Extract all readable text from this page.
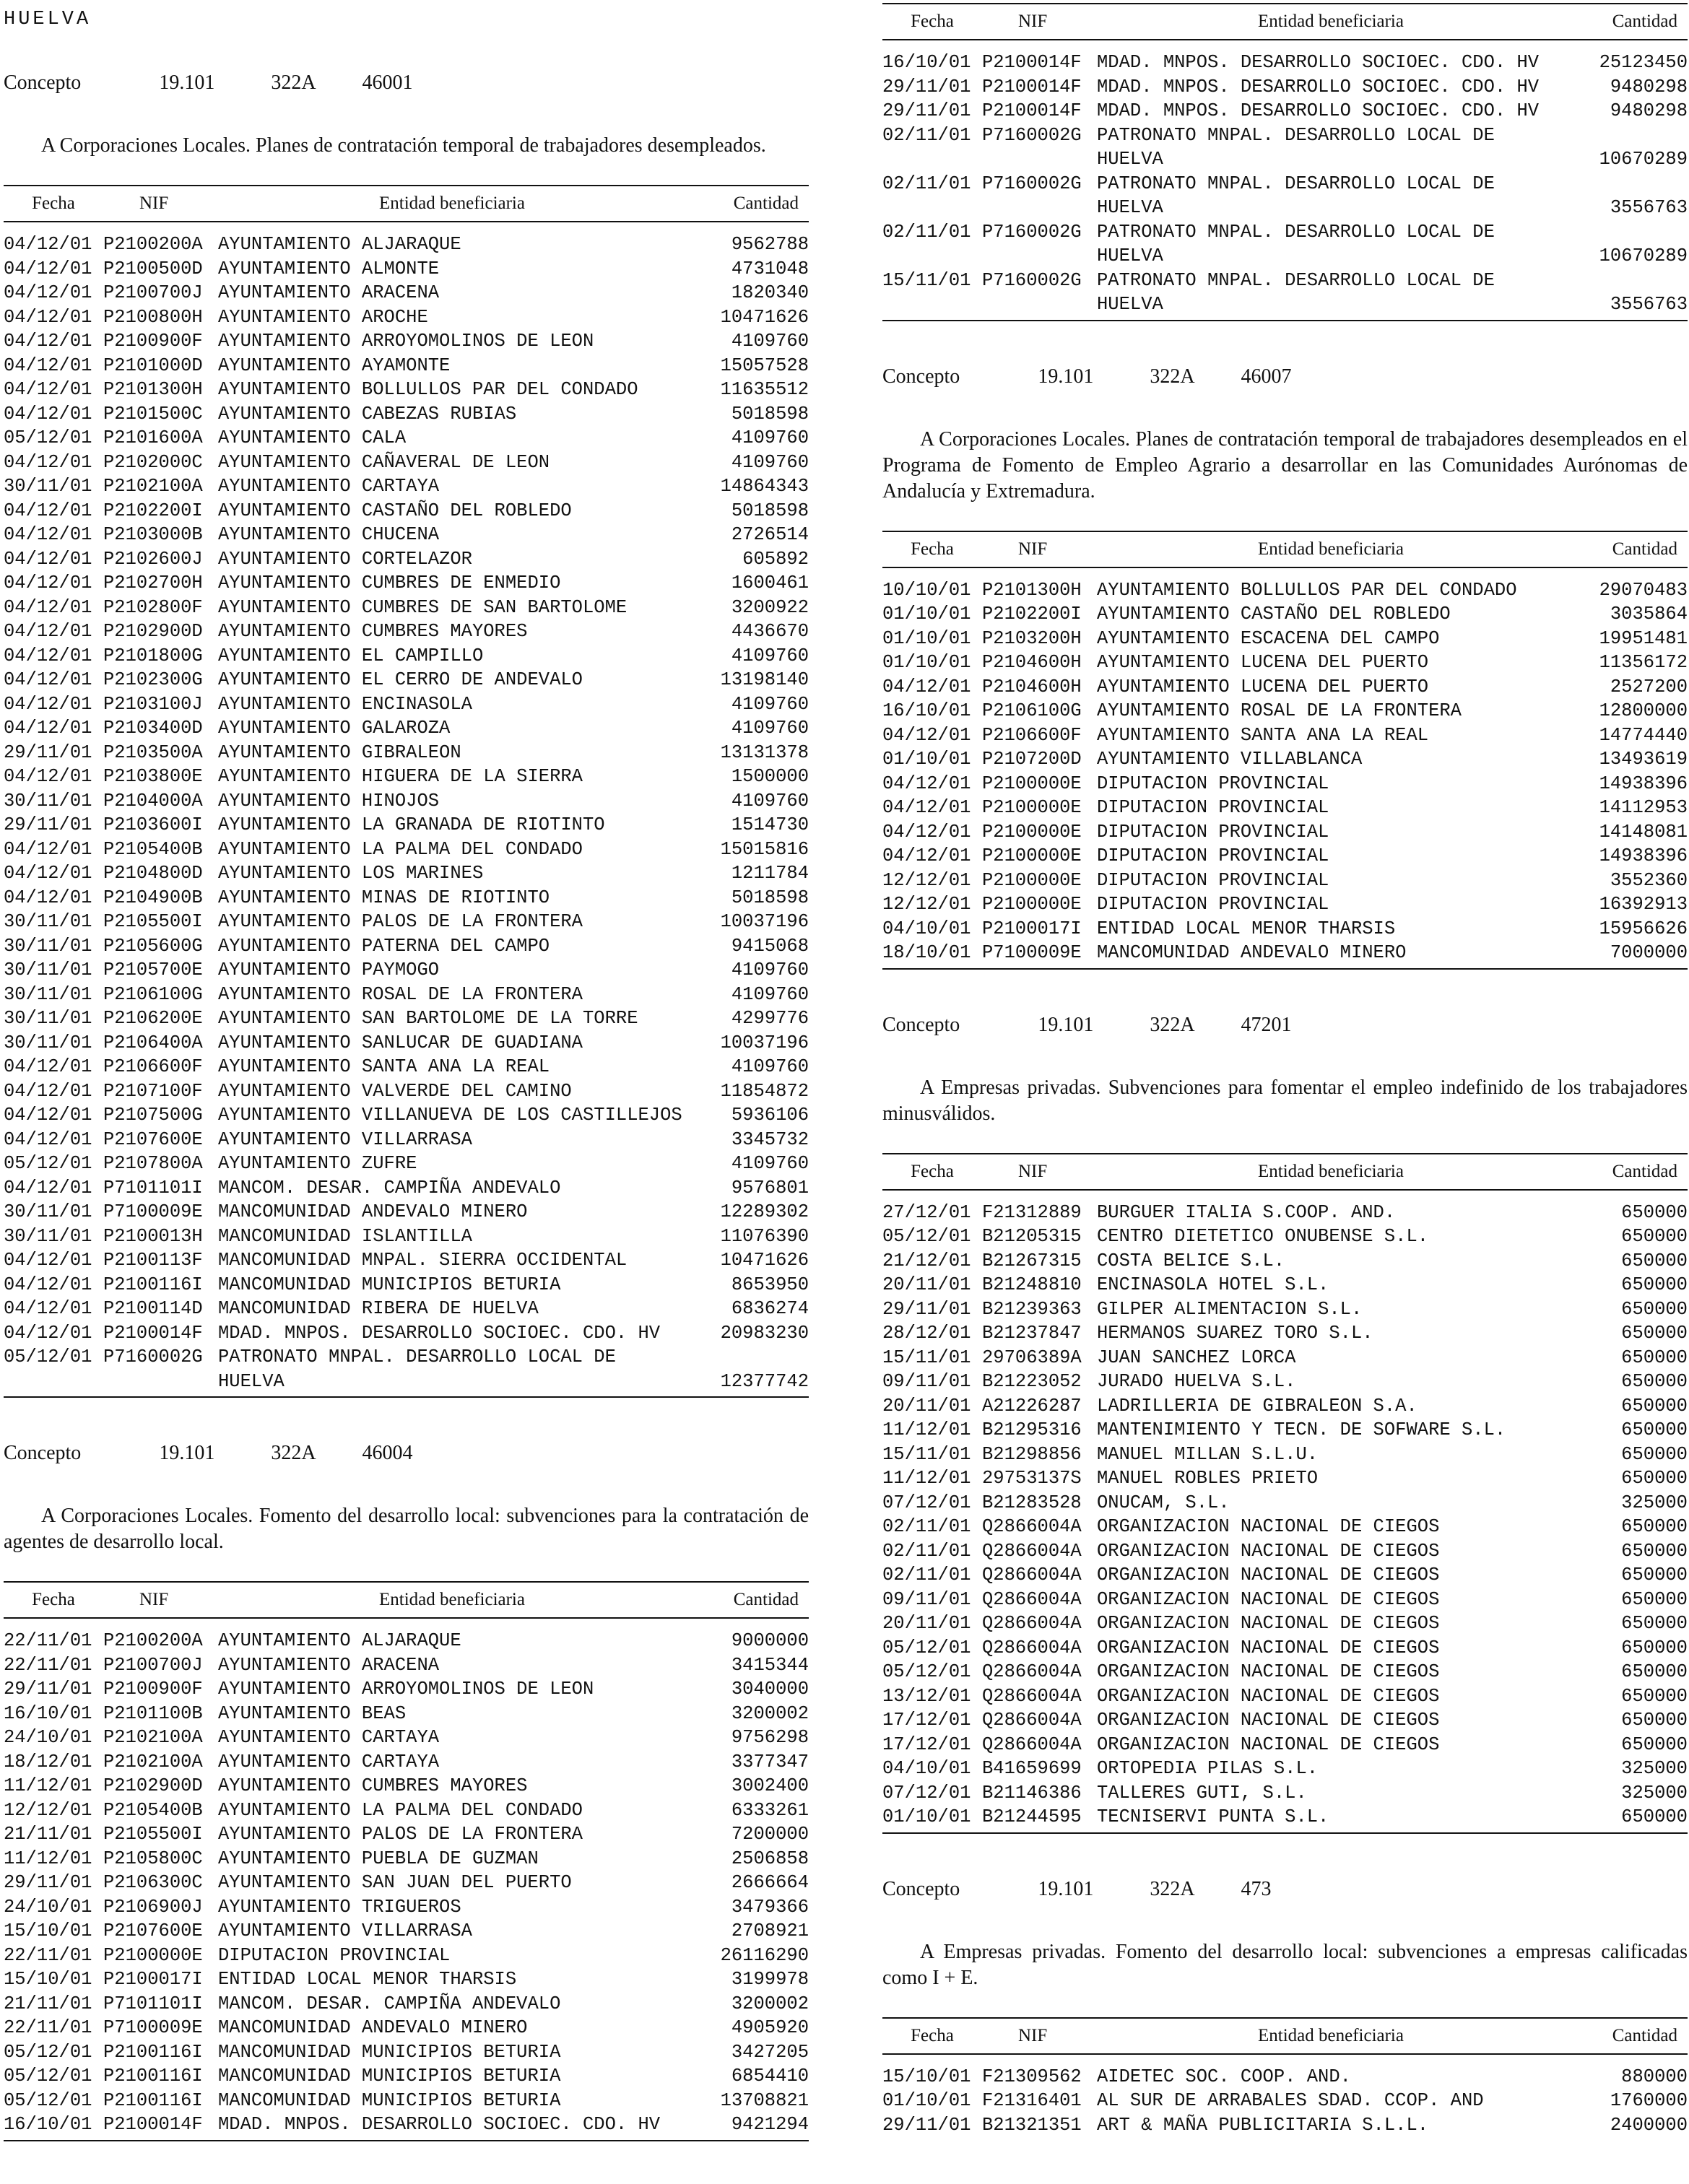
HUELVA
Concepto	19.101	322A 46001
A Corporaciones Locales. Planes de contratación temporal de trabajadores desempleados.
Fecha	NIF	Entidad beneficiaria	Cantidad
04/12/01 P2100200A AYUNTAMIENTO ALJARAQUE	9562788
04/12/01 P2100500D AYUNTAMIENTO ALMONTE	4731048
04/12/01 P2100700J AYUNTAMIENTO ARACENA	1820340
04/12/01 P2100800H AYUNTAMIENTO AROCHE	10471626
04/12/01 P2100900F AYUNTAMIENTO ARROYOMOLINOS DE LEON	4109760
04/12/01 P2101000D AYUNTAMIENTO AYAMONTE	15057528
04/12/01 P2101300H AYUNTAMIENTO BOLLULLOS PAR DEL CONDADO	11635512
04/12/01 P2101500C AYUNTAMIENTO CABEZAS RUBIAS	5018598
05/12/01 P2101600A AYUNTAMIENTO CALA	4109760
04/12/01 P2102000C AYUNTAMIENTO CAÑAVERAL DE LEON	4109760
30/11/01 P2102100A AYUNTAMIENTO CARTAYA	14864343
04/12/01 P2102200I AYUNTAMIENTO CASTAÑO DEL ROBLEDO	5018598
04/12/01 P2103000B AYUNTAMIENTO CHUCENA	2726514
04/12/01 P2102600J AYUNTAMIENTO CORTELAZOR	605892
04/12/01 P2102700H AYUNTAMIENTO CUMBRES DE ENMEDIO	1600461
04/12/01 P2102800F AYUNTAMIENTO CUMBRES DE SAN BARTOLOME	3200922
04/12/01 P2102900D AYUNTAMIENTO CUMBRES MAYORES	4436670
04/12/01 P2101800G AYUNTAMIENTO EL CAMPILLO	4109760
04/12/01 P2102300G AYUNTAMIENTO EL CERRO DE ANDEVALO	13198140
04/12/01 P2103100J AYUNTAMIENTO ENCINASOLA	4109760
04/12/01 P2103400D AYUNTAMIENTO GALAROZA	4109760
29/11/01 P2103500A AYUNTAMIENTO GIBRALEON	13131378
04/12/01 P2103800E AYUNTAMIENTO HIGUERA DE LA SIERRA	1500000
30/11/01 P2104000A AYUNTAMIENTO HINOJOS	4109760
29/11/01 P2103600I AYUNTAMIENTO LA GRANADA DE RIOTINTO	1514730
04/12/01 P2105400B AYUNTAMIENTO LA PALMA DEL CONDADO	15015816
04/12/01 P2104800D AYUNTAMIENTO LOS MARINES	1211784
04/12/01 P2104900B AYUNTAMIENTO MINAS DE RIOTINTO	5018598
30/11/01 P2105500I AYUNTAMIENTO PALOS DE LA FRONTERA	10037196
30/11/01 P2105600G AYUNTAMIENTO PATERNA DEL CAMPO	9415068
30/11/01 P2105700E AYUNTAMIENTO PAYMOGO	4109760
30/11/01 P2106100G AYUNTAMIENTO ROSAL DE LA FRONTERA	4109760
30/11/01 P2106200E AYUNTAMIENTO SAN BARTOLOME DE LA TORRE	4299776
30/11/01 P2106400A AYUNTAMIENTO SANLUCAR DE GUADIANA	10037196
04/12/01 P2106600F AYUNTAMIENTO SANTA ANA LA REAL	4109760
04/12/01 P2107100F AYUNTAMIENTO VALVERDE DEL CAMINO	11854872
04/12/01 P2107500G AYUNTAMIENTO VILLANUEVA DE LOS CASTILLEJOS	5936106
04/12/01 P2107600E AYUNTAMIENTO VILLARRASA	3345732
05/12/01 P2107800A AYUNTAMIENTO ZUFRE	4109760
04/12/01 P7101101I MANCOM. DESAR. CAMPIÑA ANDEVALO	9576801
30/11/01 P7100009E MANCOMUNIDAD ANDEVALO MINERO	12289302
30/11/01 P2100013H MANCOMUNIDAD ISLANTILLA	11076390
04/12/01 P2100113F MANCOMUNIDAD MNPAL. SIERRA OCCIDENTAL	10471626
04/12/01 P2100116I MANCOMUNIDAD MUNICIPIOS BETURIA	8653950
04/12/01 P2100114D MANCOMUNIDAD RIBERA DE HUELVA	6836274
04/12/01 P2100014F MDAD. MNPOS. DESARROLLO SOCIOEC. CDO. HV	20983230
05/12/01 P7160002G PATRONATO MNPAL. DESARROLLO LOCAL DE
HUELVA	12377742
Concepto	19.101	322A 46004
A Corporaciones Locales. Fomento del desarrollo local: subvenciones para la contratación de agentes de desarrollo local.
Fecha	NIF	Entidad beneficiaria	Cantidad
22/11/01 P2100200A AYUNTAMIENTO ALJARAQUE	9000000
22/11/01 P2100700J AYUNTAMIENTO ARACENA	3415344
29/11/01 P2100900F AYUNTAMIENTO ARROYOMOLINOS DE LEON	3040000
16/10/01 P2101100B AYUNTAMIENTO BEAS	3200002
24/10/01 P2102100A AYUNTAMIENTO CARTAYA	9756298
18/12/01 P2102100A AYUNTAMIENTO CARTAYA	3377347
11/12/01 P2102900D AYUNTAMIENTO CUMBRES MAYORES	3002400
12/12/01 P2105400B AYUNTAMIENTO LA PALMA DEL CONDADO	6333261
21/11/01 P2105500I AYUNTAMIENTO PALOS DE LA FRONTERA	7200000
11/12/01 P2105800C AYUNTAMIENTO PUEBLA DE GUZMAN	2506858
29/11/01 P2106300C AYUNTAMIENTO SAN JUAN DEL PUERTO	2666664
24/10/01 P2106900J AYUNTAMIENTO TRIGUEROS	3479366
15/10/01 P2107600E AYUNTAMIENTO VILLARRASA	2708921
22/11/01 P2100000E DIPUTACION PROVINCIAL	26116290
15/10/01 P2100017I ENTIDAD LOCAL MENOR THARSIS	3199978
21/11/01 P7101101I MANCOM. DESAR. CAMPIÑA ANDEVALO	3200002
22/11/01 P7100009E MANCOMUNIDAD ANDEVALO MINERO	4905920
05/12/01 P2100116I MANCOMUNIDAD MUNICIPIOS BETURIA	3427205
05/12/01 P2100116I MANCOMUNIDAD MUNICIPIOS BETURIA	6854410
05/12/01 P2100116I MANCOMUNIDAD MUNICIPIOS BETURIA	13708821
16/10/01 P2100014F MDAD. MNPOS. DESARROLLO SOCIOEC. CDO. HV	9421294
Fecha	NIF	Entidad beneficiaria	Cantidad
16/10/01 P2100014F MDAD. MNPOS. DESARROLLO SOCIOEC. CDO. HV	25123450
29/11/01 P2100014F MDAD. MNPOS. DESARROLLO SOCIOEC. CDO. HV	9480298
29/11/01 P2100014F MDAD. MNPOS. DESARROLLO SOCIOEC. CDO. HV	9480298
02/11/01 P7160002G PATRONATO MNPAL. DESARROLLO LOCAL DE
HUELVA	10670289
02/11/01 P7160002G PATRONATO MNPAL. DESARROLLO LOCAL DE
HUELVA	3556763
02/11/01 P7160002G PATRONATO MNPAL. DESARROLLO LOCAL DE
HUELVA	10670289
15/11/01 P7160002G PATRONATO MNPAL. DESARROLLO LOCAL DE
HUELVA	3556763
Concepto	19.101	322A 46007
A Corporaciones Locales. Planes de contratación temporal de trabajadores desempleados en el Programa de Fomento de Empleo Agrario a desarrollar en las Comunidades Aurónomas de Andalucía y Extremadura.
Fecha	NIF	Entidad beneficiaria	Cantidad
10/10/01 P2101300H AYUNTAMIENTO BOLLULLOS PAR DEL CONDADO	29070483
01/10/01 P2102200I AYUNTAMIENTO CASTAÑO DEL ROBLEDO	3035864
01/10/01 P2103200H AYUNTAMIENTO ESCACENA DEL CAMPO	19951481
01/10/01 P2104600H AYUNTAMIENTO LUCENA DEL PUERTO	11356172
04/12/01 P2104600H AYUNTAMIENTO LUCENA DEL PUERTO	2527200
16/10/01 P2106100G AYUNTAMIENTO ROSAL DE LA FRONTERA	12800000
04/12/01 P2106600F AYUNTAMIENTO SANTA ANA LA REAL	14774440
01/10/01 P2107200D AYUNTAMIENTO VILLABLANCA	13493619
04/12/01 P2100000E DIPUTACION PROVINCIAL	14938396
04/12/01 P2100000E DIPUTACION PROVINCIAL	14112953
04/12/01 P2100000E DIPUTACION PROVINCIAL	14148081
04/12/01 P2100000E DIPUTACION PROVINCIAL	14938396
12/12/01 P2100000E DIPUTACION PROVINCIAL	3552360
12/12/01 P2100000E DIPUTACION PROVINCIAL	16392913
04/10/01 P2100017I ENTIDAD LOCAL MENOR THARSIS	15956626
18/10/01 P7100009E MANCOMUNIDAD ANDEVALO MINERO	7000000
Concepto	19.101	322A 47201
A Empresas privadas. Subvenciones para fomentar el empleo indefinido de los trabajadores minusválidos.
Fecha	NIF	Entidad beneficiaria	Cantidad
27/12/01 F21312889 BURGUER ITALIA S.COOP. AND.	650000
05/12/01 B21205315 CENTRO DIETETICO ONUBENSE S.L.	650000
21/12/01 B21267315 COSTA BELICE S.L.	650000
20/11/01 B21248810 ENCINASOLA HOTEL S.L.	650000
29/11/01 B21239363 GILPER ALIMENTACION S.L.	650000
28/12/01 B21237847 HERMANOS SUAREZ TORO S.L.	650000
15/11/01 29706389A JUAN SANCHEZ LORCA	650000
09/11/01 B21223052 JURADO HUELVA S.L.	650000
20/11/01 A21226287 LADRILLERIA DE GIBRALEON S.A.	650000
11/12/01 B21295316 MANTENIMIENTO Y TECN. DE SOFWARE S.L.	650000
15/11/01 B21298856 MANUEL MILLAN S.L.U.	650000
11/12/01 29753137S MANUEL ROBLES PRIETO	650000
07/12/01 B21283528 ONUCAM, S.L.	325000
02/11/01 Q2866004A ORGANIZACION NACIONAL DE CIEGOS	650000
02/11/01 Q2866004A ORGANIZACION NACIONAL DE CIEGOS	650000
02/11/01 Q2866004A ORGANIZACION NACIONAL DE CIEGOS	650000
09/11/01 Q2866004A ORGANIZACION NACIONAL DE CIEGOS	650000
20/11/01 Q2866004A ORGANIZACION NACIONAL DE CIEGOS	650000
05/12/01 Q2866004A ORGANIZACION NACIONAL DE CIEGOS	650000
05/12/01 Q2866004A ORGANIZACION NACIONAL DE CIEGOS	650000
13/12/01 Q2866004A ORGANIZACION NACIONAL DE CIEGOS	650000
17/12/01 Q2866004A ORGANIZACION NACIONAL DE CIEGOS	650000
17/12/01 Q2866004A ORGANIZACION NACIONAL DE CIEGOS	650000
04/10/01 B41659699 ORTOPEDIA PILAS S.L.	325000
07/12/01 B21146386 TALLERES GUTI, S.L.	325000
01/10/01 B21244595 TECNISERVI PUNTA S.L.	650000
Concepto	19.101	322A 473
A Empresas privadas. Fomento del desarrollo local: subvenciones a empresas calificadas como I + E.
Fecha	NIF	Entidad beneficiaria	Cantidad
15/10/01 F21309562 AIDETEC SOC. COOP. AND.	880000
01/10/01 F21316401 AL SUR DE ARRABALES SDAD. CCOP. AND	1760000
29/11/01 B21321351 ART & MAÑA PUBLICITARIA S.L.L.	2400000
